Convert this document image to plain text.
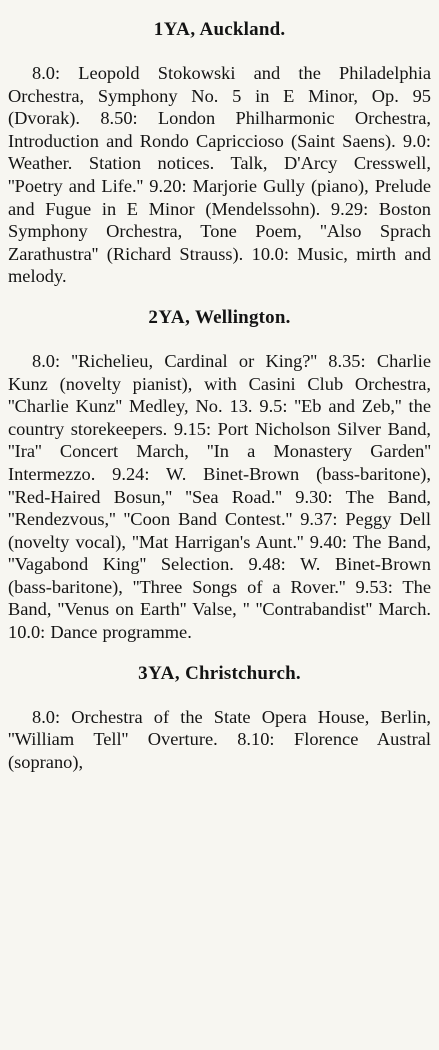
1YA, Auckland.

8.0: Leopold Stokowski and the Philadelphia Orchestra, Symphony No. 5 in E Minor, Op. 95 (Dvorak). 8.50: London Philharmonic Orchestra, Introduction and Rondo Capriccioso (Saint Saens). 9.0: Weather. Station notices. Talk, D'Arcy Cresswell, ''Poetry and Life.'' 9.20: Marjorie Gully (piano), Prelude and Fugue in E Minor (Mendelssohn). 9.29: Boston Symphony Orchestra, Tone Poem, ''Also Sprach Zarathustra'' (Richard Strauss). 10.0: Music, mirth and melody.

2YA, Wellington.

8.0: ''Richelieu, Cardinal or King?'' 8.35: Charlie Kunz (novelty pianist), with Casini Club Orchestra, ''Charlie Kunz'' Medley, No. 13. 9.5: ''Eb and Zeb,'' the country storekeepers. 9.15: Port Nicholson Silver Band, ''Ira'' Concert March, ''In a Monastery Garden'' Intermezzo. 9.24: W. Binet-Brown (bass-baritone), ''Red-Haired Bosun,'' ''Sea Road.'' 9.30: The Band, ''Rendezvous,'' ''Coon Band Contest.'' 9.37: Peggy Dell (novelty vocal), ''Mat Harrigan's Aunt.'' 9.40: The Band, ''Vagabond King'' Selection. 9.48: W. Binet-Brown (bass-baritone), ''Three Songs of a Rover.'' 9.53: The Band, ''Venus on Earth'' Valse, '' ''Contrabandist'' March. 10.0: Dance programme.

3YA, Christchurch.

8.0: Orchestra of the State Opera House, Berlin, ''William Tell'' Overture. 8.10: Florence Austral (soprano),
